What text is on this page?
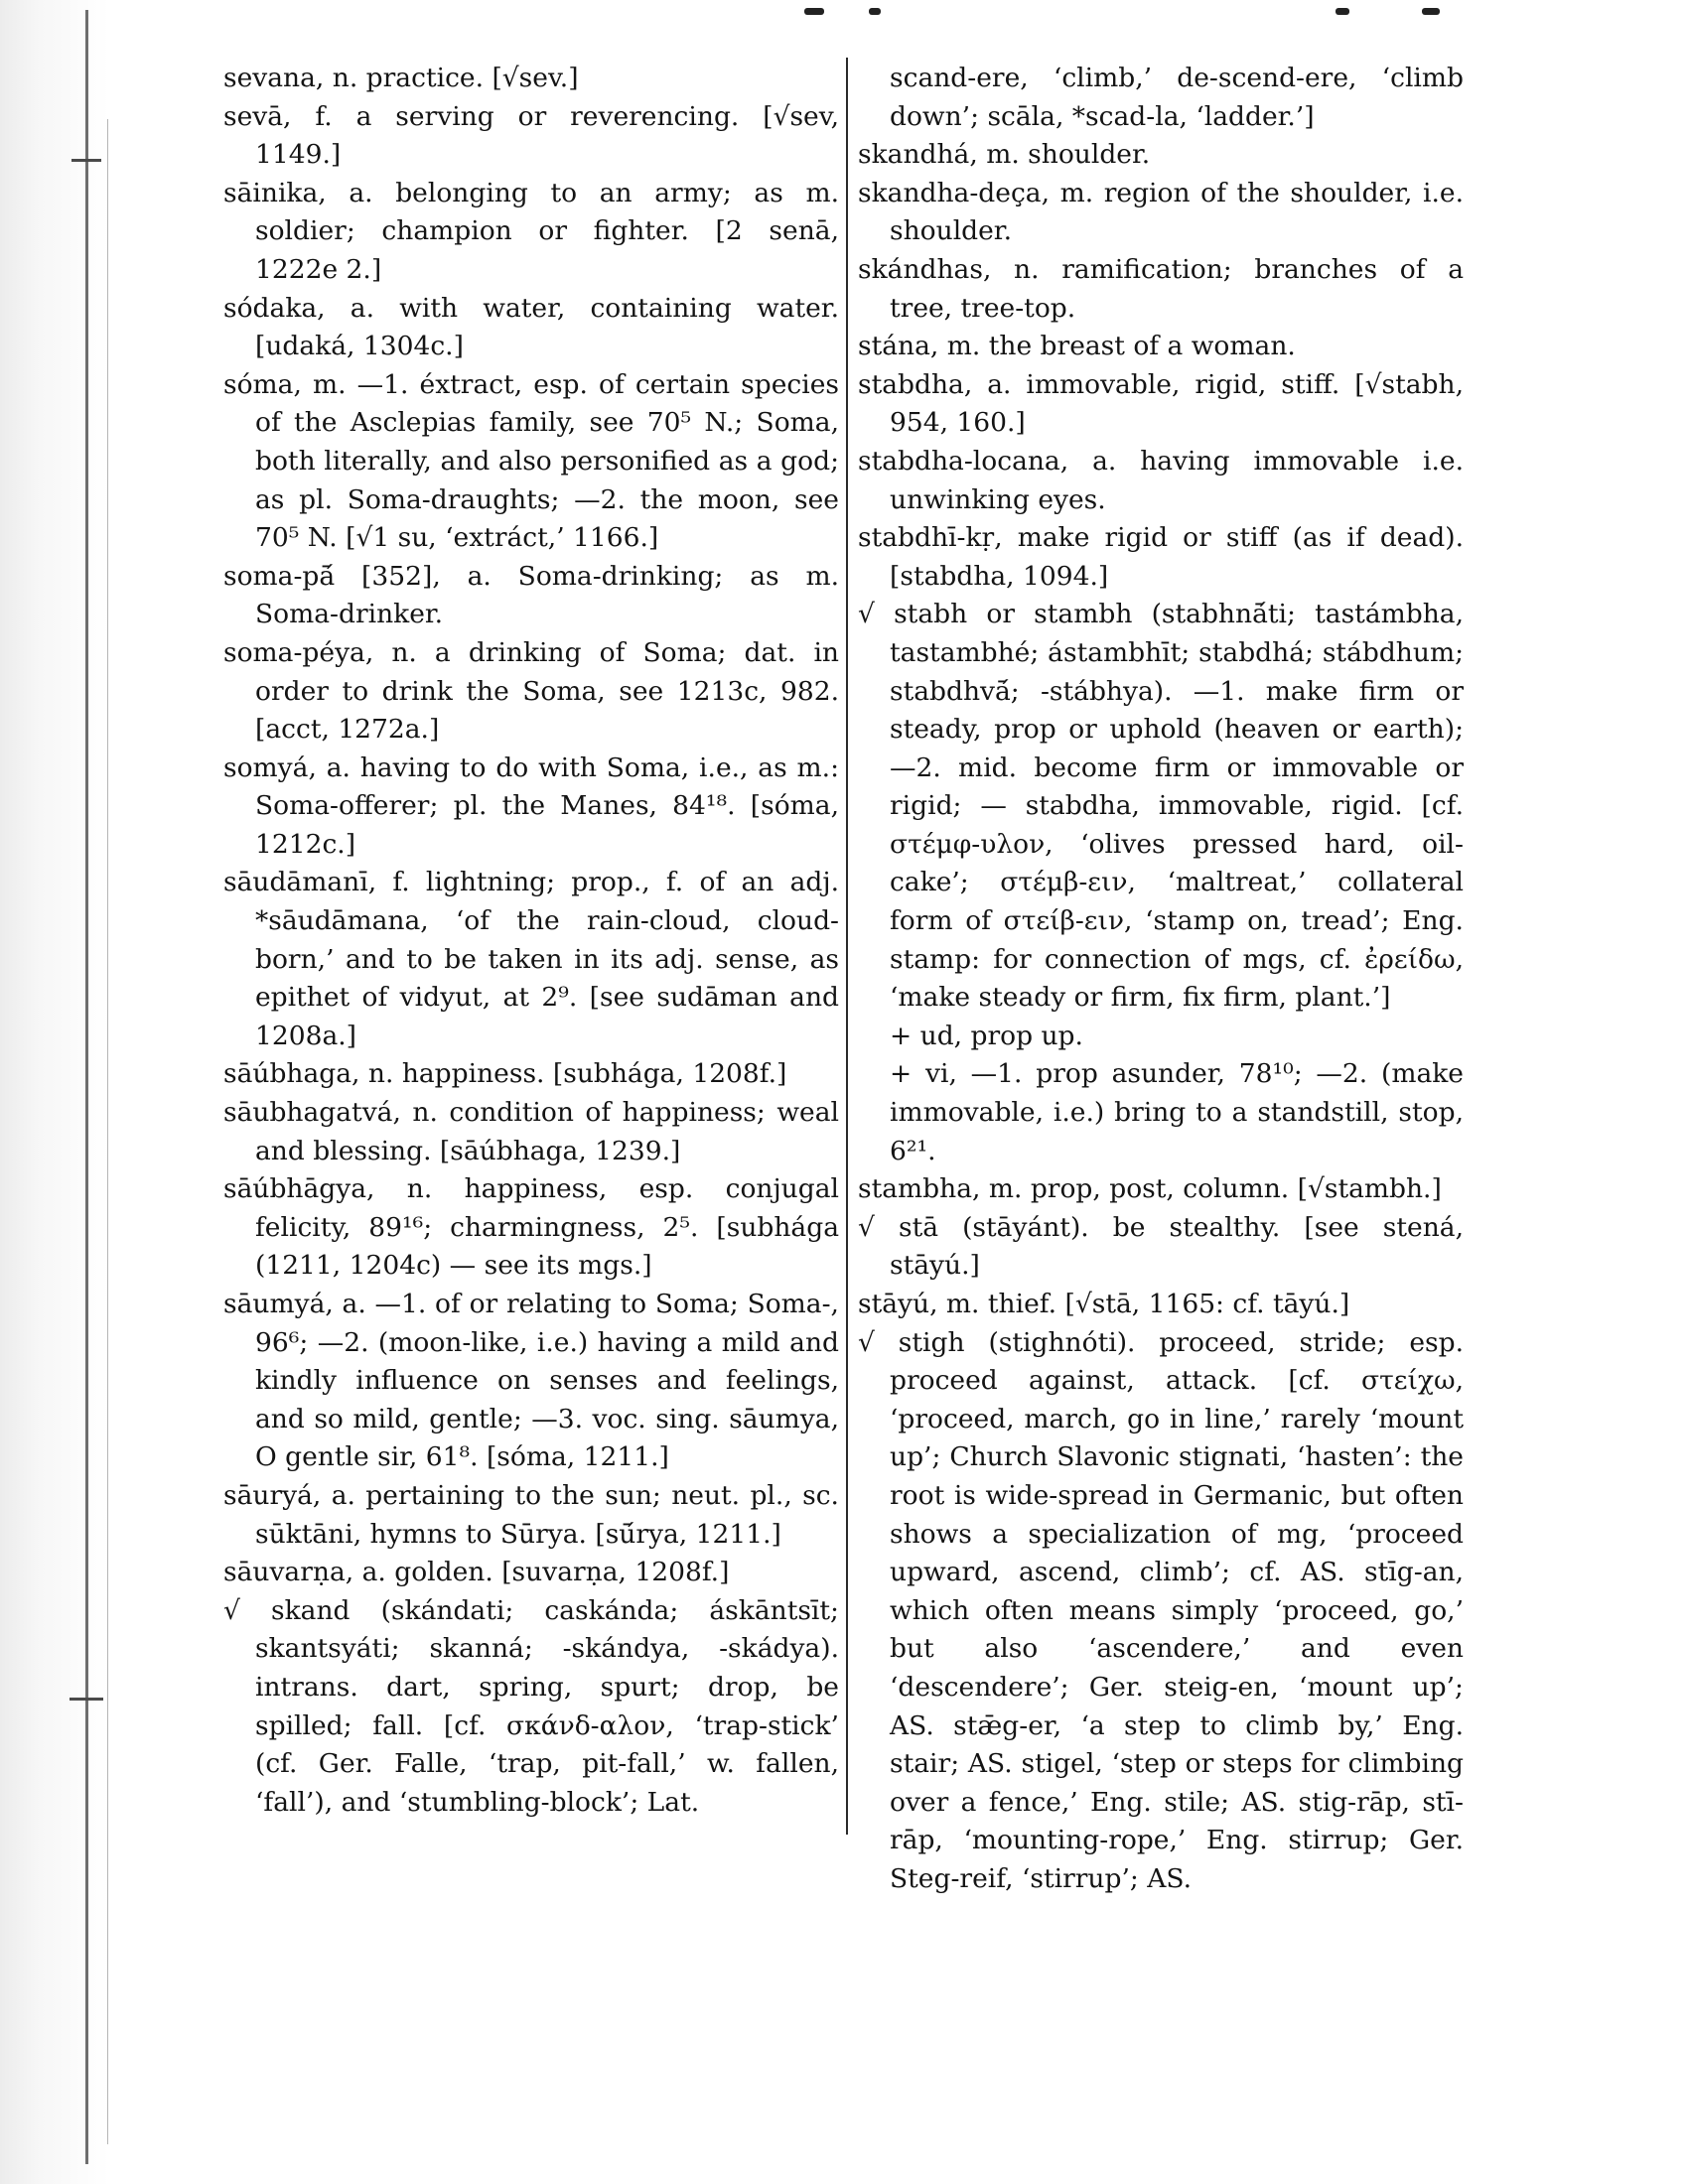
sevana, n. practice. [√sev.]
sevā, f. a serving or reverencing. [√sev, 1149.]
sāinika, a. belonging to an army; as m. soldier; champion or fighter. [2 senā, 1222e 2.]
sódaka, a. with water, containing water. [udaká, 1304c.]
sóma, m. —1. éxtract, esp. of certain species of the Asclepias family, see 70⁵ N.; Soma, both literally, and also personified as a god; as pl. Soma-draughts; —2. the moon, see 70⁵ N. [√1 su, ‘extráct,’ 1166.]
soma-pā́ [352], a. Soma-drinking; as m. Soma-drinker.
soma-péya, n. a drinking of Soma; dat. in order to drink the Soma, see 1213c, 982. [acct, 1272a.]
somyá, a. having to do with Soma, i.e., as m.: Soma-offerer; pl. the Manes, 84¹⁸. [sóma, 1212c.]
sāudāmanī, f. lightning; prop., f. of an adj. *sāudāmana, ‘of the rain-cloud, cloud-born,’ and to be taken in its adj. sense, as epithet of vidyut, at 2⁹. [see sudāman and 1208a.]
sāúbhaga, n. happiness. [subhága, 1208f.]
sāubhagatvá, n. condition of happiness; weal and blessing. [sāúbhaga, 1239.]
sāúbhāgya, n. happiness, esp. conjugal felicity, 89¹⁶; charmingness, 2⁵. [subhága (1211, 1204c) — see its mgs.]
sāumyá, a. —1. of or relating to Soma; Soma-, 96⁶; —2. (moon-like, i.e.) having a mild and kindly influence on senses and feelings, and so mild, gentle; —3. voc. sing. sāumya, O gentle sir, 61⁸. [sóma, 1211.]
sāuryá, a. pertaining to the sun; neut. pl., sc. sūktāni, hymns to Sūrya. [sū́rya, 1211.]
sāuvarṇa, a. golden. [suvarṇa, 1208f.]
√ skand (skándati; caskánda; áskāntsīt; skantsyáti; skanná; -skándya, -skádya). intrans. dart, spring, spurt; drop, be spilled; fall. [cf. σκάνδ-αλον, ‘trap-stick’ (cf. Ger. Falle, ‘trap, pit-fall,’ w. fallen, ‘fall’), and ‘stumbling-block’; Lat.
scand-ere, ‘climb,’ de-scend-ere, ‘climb down’; scāla, *scad-la, ‘ladder.’]
skandhá, m. shoulder.
skandha-deça, m. region of the shoulder, i.e. shoulder.
skándhas, n. ramification; branches of a tree, tree-top.
stána, m. the breast of a woman.
stabdha, a. immovable, rigid, stiff. [√stabh, 954, 160.]
stabdha-locana, a. having immovable i.e. unwinking eyes.
stabdhī-kṛ, make rigid or stiff (as if dead). [stabdha, 1094.]
√ stabh or stambh (stabhnā́ti; tastámbha, tastambhé; ástambhīt; stabdhá; stábdhum; stabdhvā́; -stábhya). —1. make firm or steady, prop or uphold (heaven or earth); —2. mid. become firm or immovable or rigid; — stabdha, immovable, rigid. [cf. στέμφ-υλον, ‘olives pressed hard, oil-cake’; στέμβ-ειν, ‘maltreat,’ collateral form of στείβ-ειν, ‘stamp on, tread’; Eng. stamp: for connection of mgs, cf. ἐρείδω, ‘make steady or firm, fix firm, plant.’]
+ ud, prop up.
+ vi, —1. prop asunder, 78¹⁰; —2. (make immovable, i.e.) bring to a standstill, stop, 6²¹.
stambha, m. prop, post, column. [√stambh.]
√ stā (stāyánt). be stealthy. [see stená, stāyú.]
stāyú, m. thief. [√stā, 1165: cf. tāyú.]
√ stigh (stighnóti). proceed, stride; esp. proceed against, attack. [cf. στείχω, ‘proceed, march, go in line,’ rarely ‘mount up’; Church Slavonic stignati, ‘hasten’: the root is wide-spread in Germanic, but often shows a specialization of mg, ‘proceed upward, ascend, climb’; cf. AS. stīg-an, which often means simply ‘proceed, go,’ but also ‘ascendere,’ and even ‘descendere’; Ger. steig-en, ‘mount up’; AS. stǣg-er, ‘a step to climb by,’ Eng. stair; AS. stigel, ‘step or steps for climbing over a fence,’ Eng. stile; AS. stig-rāp, stī-rāp, ‘mounting-rope,’ Eng. stirrup; Ger. Steg-reif, ‘stirrup’; AS.
